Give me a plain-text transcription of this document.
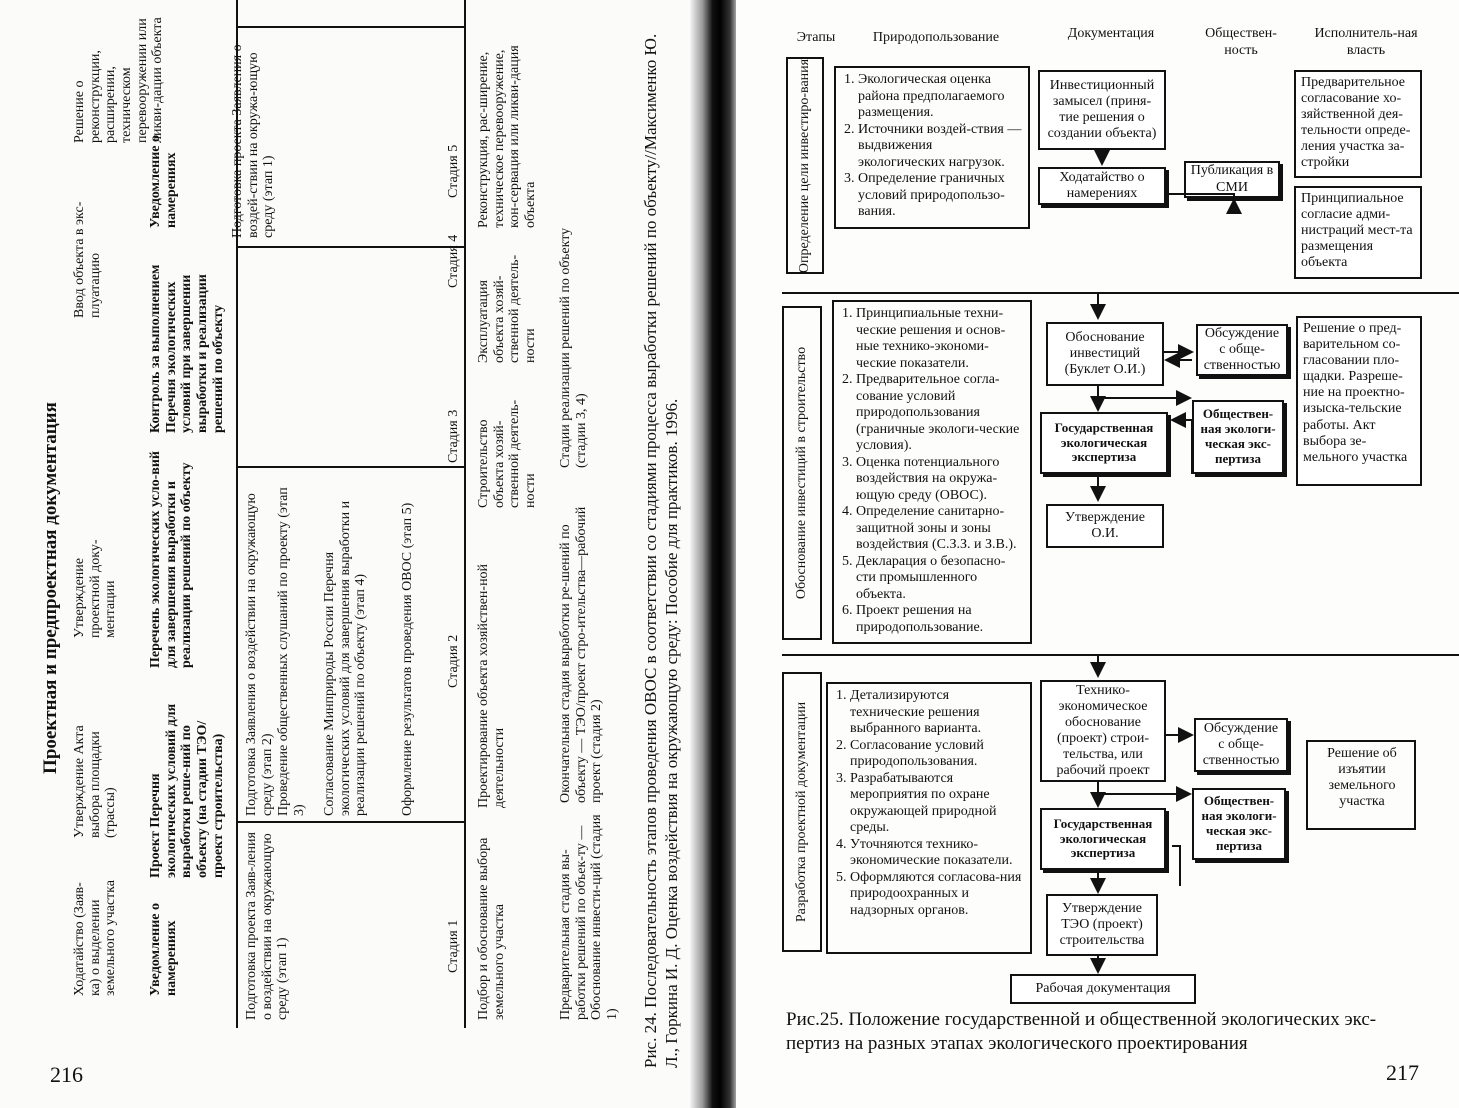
216
Проектная и предпроектная документация
Ходатайство (Заяв-ка) о выделении земельного участка
Утверждение Акта выбора площадки (трассы)
Утверждение проектной доку-ментации
Ввод объекта в экс-плуатацию
Решение о реконструкции, расширении, техническом перевооружении или ликви-дации объекта
Уведомление о намерениях
Проект Перечня экологических условий для выработки реше-ний по объекту (на стадии ТЭО/проект строительства)
Перечень экологических усло-вий для завершения выработки и реализации решений по объекту
Контроль за выполнением Перечня экологических условий при завершении выработки и реализации решений по объекту
Уведомление о намерениях
Подготовка проекта Заяв-ления о воздействии на окружающую среду (этап 1)
Подготовка Заявления о воздействии на окружающую среду (этап 2) Проведение общественных слушаний по проекту (этап 3) Согласование Минприроды России Перечня экологических условий для завершения выработки и реализации решений по объекту (этап 4) Оформление результатов проведения ОВОС (этап 5)
Подготовка проекта Заявления о воздей-ствии на окружа-ющую среду (этап 1)
Стадия 1
Стадия 2
Стадия 3
Стадия 4
Стадия 5
Подбор и обоснование выбора земельного участка
Проектирование объекта хозяйствен-ной деятельности
Строительство объекта хозяй-ственной деятель-ности
Эксплуатация объекта хозяй-ственной деятель-ности
Реконструкция, рас-ширение, техническое перевооружение, кон-сервация или ликви-дация объекта
Предварительная стадия вы-работки решений по объек-ту — Обоснование инвести-ций (стадия 1)
Окончательная стадия выработки ре-шений по объекту — ТЭО/проект стро-ительства—рабочий проект (стадия 2)
Стадии реализации решений по объекту (стадии 3, 4)	Рис. 24. Последовательность этапов проведения ОВОС в соответствии со стадиями процесса выработки решений по объекту//Максименко Ю. Л., Горкина И. Д. Оценка воздействия на окружающую среду: Пособие для практиков. 1996.
Этапы	Природопользование	Документация	Обществен-ность
Исполнитель-ная власть
Определение цели инвестиро-вания
1.	Экологическая оценка района предполагаемого размещения.
2. Источники воздей-ствия — выдвижения экологических нагрузок.
3. Определение граничных условий природопользо-вания.
Инвестиционный замысел (приня-тие решения о создании объекта)
Ходатайство о намерениях
Публикация в СМИ
Предварительное согласование хо-зяйственной дея-тельности опреде-ления участка за-стройки
Принципиальное согласие адми-нистраций мест-та размещения объекта
Обоснование инвестиций в строительство
1. Принципиальные техни-ческие решения и основ-ные технико-экономи-ческие показатели.
2. Предварительное согла-сование условий природопользования (граничные экологи-ческие условия).
3. Оценка потенциального воздействия на окружа-ющую среду (ОВОС).
4. Определение санитарно-защитной зоны и зоны воздействия (С.З.З. и З.В.).
5. Декларация о безопасно-сти промышленного объекта.
6. Проект решения на природопользование.
Обоснование инвестиций (Буклет О.И.)
Государственная экологическая экспертиза
Утверждение О.И.
Обсуждение с обще-ственностью
Обществен-ная экологи-ческая экс-пертиза
Решение о пред-варительном со-гласовании пло-щадки. Разреше-ние на проектно-изыска-тельские работы. Акт выбора зе-мельного участка
Разработка проектной документации
1. Детализируются технические решения выбранного варианта.
2. Согласование условий природопользования.
3. Разрабатываются мероприятия по охране окружающей природной среды.
4. Уточняются технико-экономические показатели.
5. Оформляются согласова-ния природоохранных и надзорных органов.
Технико-экономическое обоснование (проект) строи-тельства, или рабочий проект
Государственная экологическая экспертиза
Утверждение ТЭО (проект) строительства
Обсуждение с обще-ственностью
Обществен-ная экологи-ческая экс-пертиза
Решение об изъятии земельного участка
Рабочая документация
Рис.25. Положение государственной и общественной экологических экс-пертиз на разных этапах экологического проектирования
217
